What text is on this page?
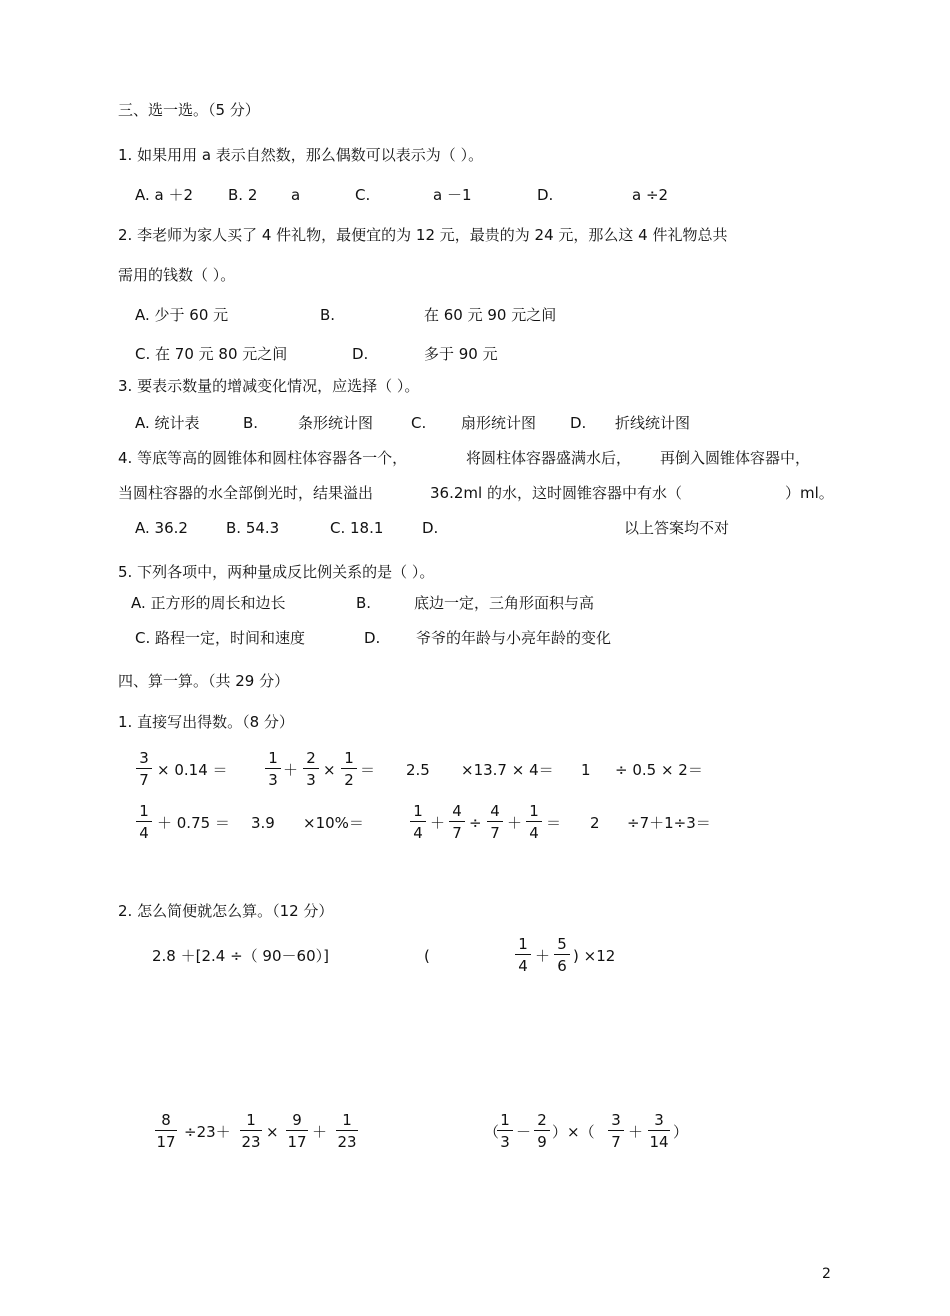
三、选一选。（5 分）
1. 如果用用 a 表示自然数，那么偶数可以表示为（ ）。
A. a ＋2 B. 2 a	C.	a －1	D.	a ÷2
2. 李老师为家人买了 4 件礼物，最便宜的为 12 元，最贵的为 24 元，那么这 4 件礼物总共
需用的钱数（ ）。
A. 少于 60 元	B.	在 60 元 90 元之间
C. 在 70 元 80 元之间	D.	多于 90 元
3. 要表示数量的增减变化情况，应选择（ ）。
A. 统计表	B.	条形统计图	C. 扇形统计图 D. 折线统计图
4. 等底等高的圆锥体和圆柱体容器各一个，	将圆柱体容器盛满水后， 再倒入圆锥体容器中，
当圆柱容器的水全部倒光时，结果溢出	36.2ml 的水，这时圆锥容器中有水（	）ml。
A. 36.2	B. 54.3	C. 18.1	D.	以上答案均不对
5. 下列各项中，两种量成反比例关系的是（ ）。
A. 正方形的周长和边长	B.	底边一定，三角形面积与高
C. 路程一定，时间和速度	D. 爷爷的年龄与小亮年龄的变化
四、算一算。（共 29 分）
1. 直接写出得数。（8 分）
3
7
× 0.14 ＝
1
3
＋
2
3
×
1
2
＝ 2.5 ×13.7 × 4＝ 1 ÷ 0.5 × 2＝
1
4
＋ 0.75 ＝ 3.9 ×10%＝
1
4
＋
4
7
÷
4
7
＋
1
4
＝ 2 ÷7＋1÷3＝
2. 怎么简便就怎么算。（12 分）
2.8 ＋[2.4 ÷（ 90－60）]	(
1
4
＋
5
6
) ×12
8
17
÷23＋
1
23
×
9
17
＋
1
23
（
1
3
－
2
9
）×（
3
7
＋
3
14
）
2
